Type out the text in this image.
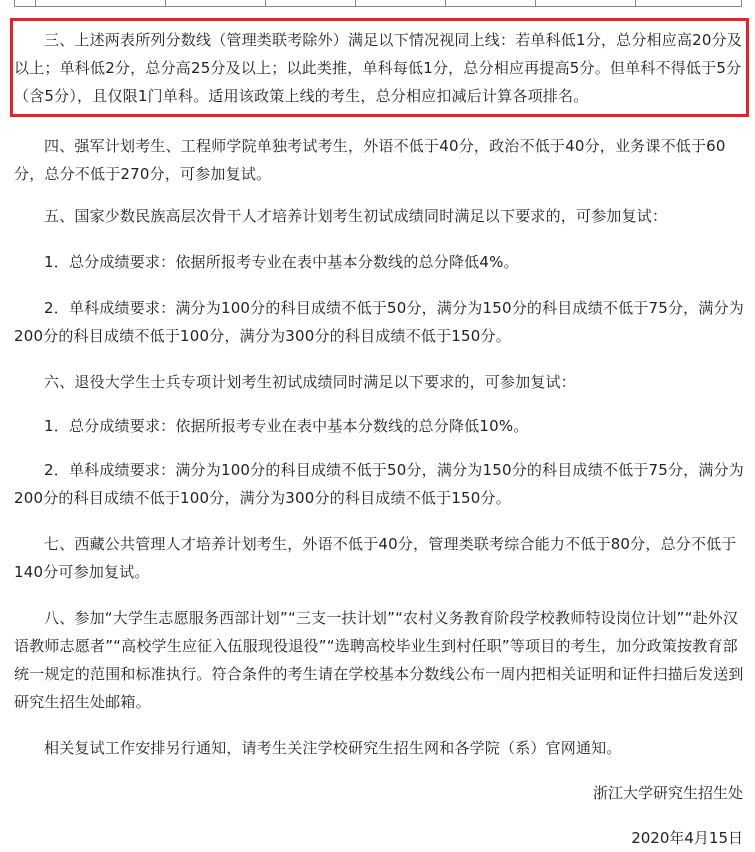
三、上述两表所列分数线（管理类联考除外）满足以下情况视同上线：若单科低1分，总分相应高20分及以上；单科低2分，总分高25分及以上；以此类推，单科每低1分，总分相应再提高5分。但单科不得低于5分（含5分），且仅限1门单科。适用该政策上线的考生，总分相应扣减后计算各项排名。

四、强军计划考生、工程师学院单独考试考生，外语不低于40分，政治不低于40分，业务课不低于60分，总分不低于270分，可参加复试。

五、国家少数民族高层次骨干人才培养计划考生初试成绩同时满足以下要求的，可参加复试：

1．总分成绩要求：依据所报考专业在表中基本分数线的总分降低4%。

2．单科成绩要求：满分为100分的科目成绩不低于50分，满分为150分的科目成绩不低于75分，满分为200分的科目成绩不低于100分，满分为300分的科目成绩不低于150分。

六、退役大学生士兵专项计划考生初试成绩同时满足以下要求的，可参加复试：

1．总分成绩要求：依据所报考专业在表中基本分数线的总分降低10%。

2．单科成绩要求：满分为100分的科目成绩不低于50分，满分为150分的科目成绩不低于75分，满分为200分的科目成绩不低于100分，满分为300分的科目成绩不低于150分。

七、西藏公共管理人才培养计划考生，外语不低于40分，管理类联考综合能力不低于80分，总分不低于140分可参加复试。

八、参加“大学生志愿服务西部计划”“三支一扶计划”“农村义务教育阶段学校教师特设岗位计划”“赴外汉语教师志愿者”“高校学生应征入伍服现役退役”“选聘高校毕业生到村任职”等项目的考生，加分政策按教育部统一规定的范围和标准执行。符合条件的考生请在学校基本分数线公布一周内把相关证明和证件扫描后发送到研究生招生处邮箱。

相关复试工作安排另行通知，请考生关注学校研究生招生网和各学院（系）官网通知。

浙江大学研究生招生处

2020年4月15日
